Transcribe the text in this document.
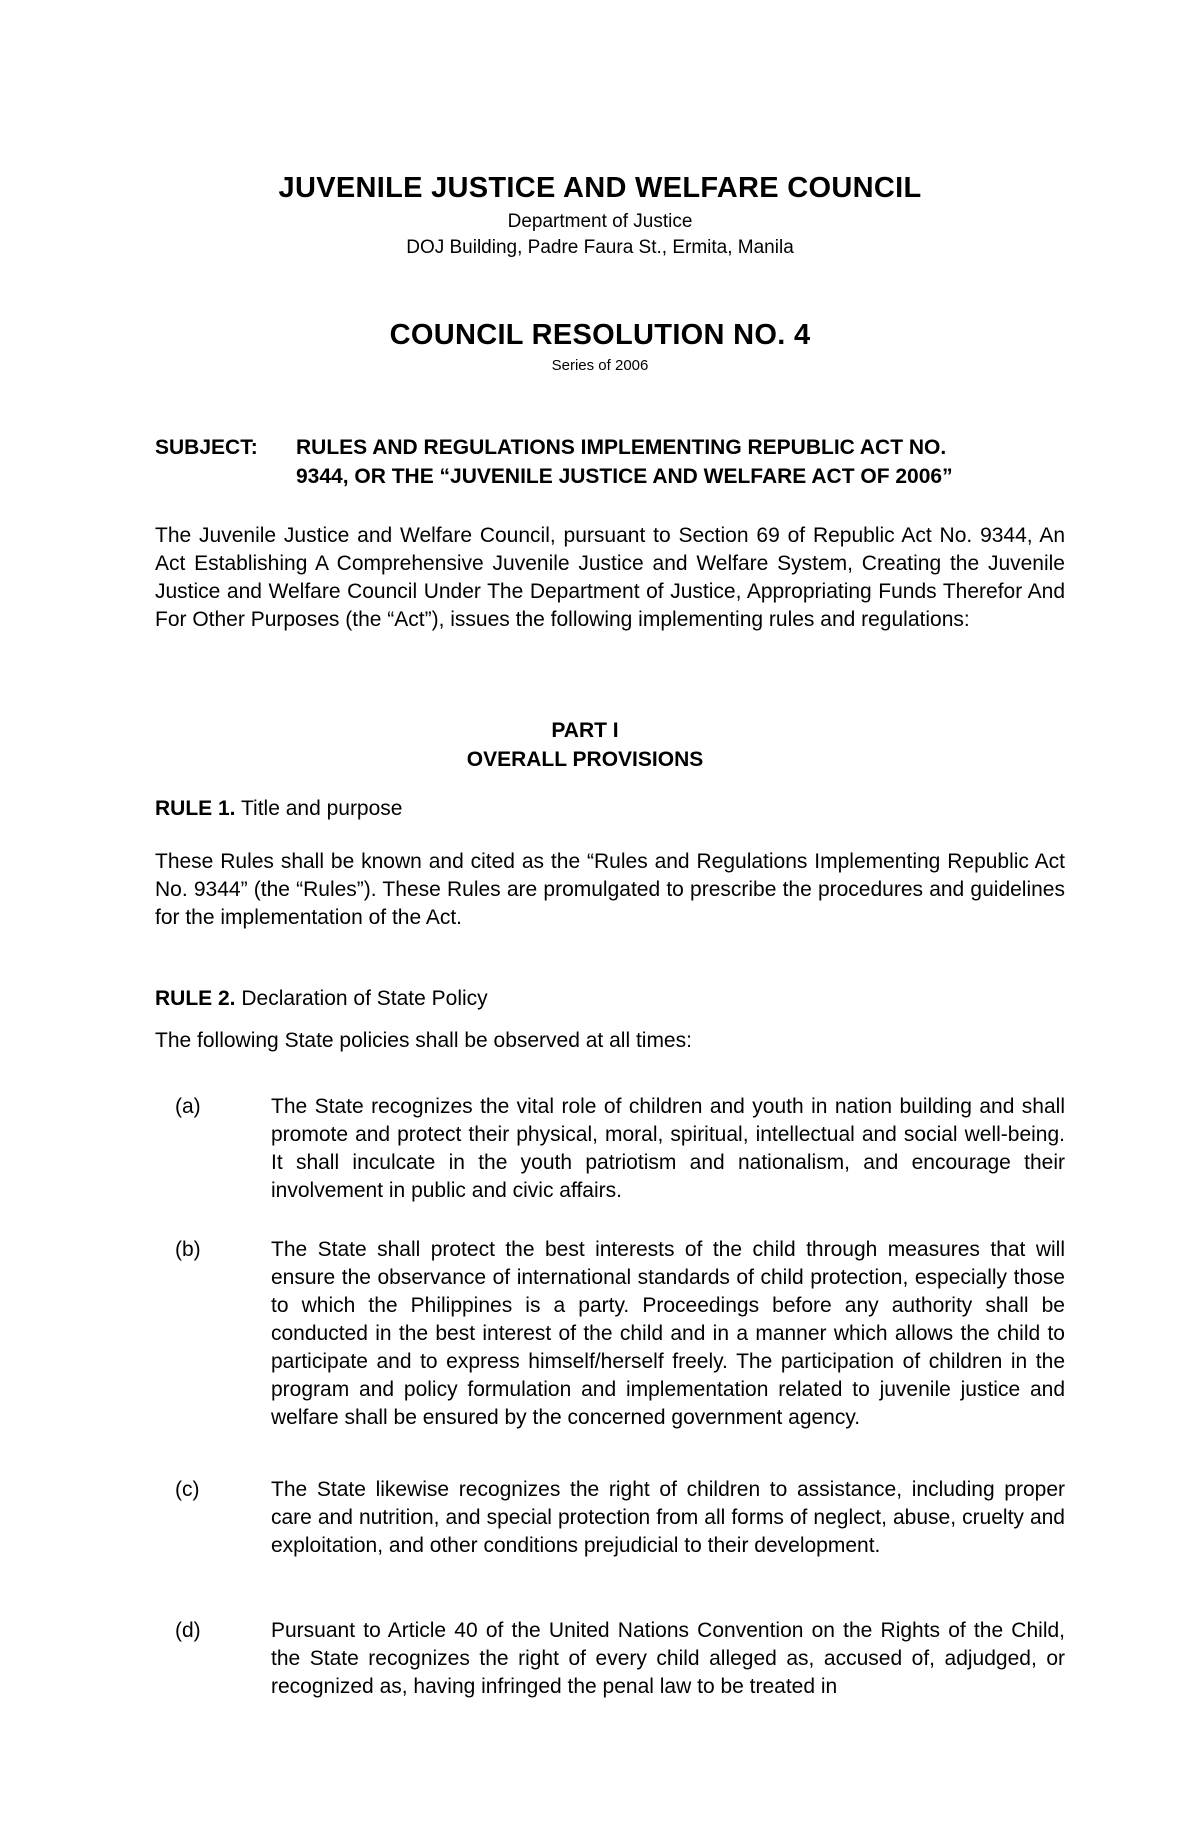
JUVENILE JUSTICE AND WELFARE COUNCIL
Department of Justice
DOJ Building, Padre Faura St., Ermita, Manila
COUNCIL RESOLUTION NO. 4
Series of 2006
SUBJECT: RULES AND REGULATIONS IMPLEMENTING REPUBLIC ACT NO.
9344, OR THE “JUVENILE JUSTICE AND WELFARE ACT OF 2006”
The Juvenile Justice and Welfare Council, pursuant to Section 69 of Republic Act No. 9344, An Act Establishing A Comprehensive Juvenile Justice and Welfare System, Creating the Juvenile Justice and Welfare Council Under The Department of Justice, Appropriating Funds Therefor And For Other Purposes (the “Act”), issues the following implementing rules and regulations:
PART I
OVERALL PROVISIONS
RULE 1. Title and purpose
These Rules shall be known and cited as the “Rules and Regulations Implementing Republic Act No. 9344” (the “Rules”). These Rules are promulgated to prescribe the procedures and guidelines for the implementation of the Act.
RULE 2. Declaration of State Policy
The following State policies shall be observed at all times:
(a)	The State recognizes the vital role of children and youth in nation building and shall promote and protect their physical, moral, spiritual, intellectual and social well-being. It shall inculcate in the youth patriotism and nationalism, and encourage their involvement in public and civic affairs.
(b)	The State shall protect the best interests of the child through measures that will ensure the observance of international standards of child protection, especially those to which the Philippines is a party. Proceedings before any authority shall be conducted in the best interest of the child and in a manner which allows the child to participate and to express himself/herself freely. The participation of children in the program and policy formulation and implementation related to juvenile justice and welfare shall be ensured by the concerned government agency.
(c)	The State likewise recognizes the right of children to assistance, including proper care and nutrition, and special protection from all forms of neglect, abuse, cruelty and exploitation, and other conditions prejudicial to their development.
(d)	Pursuant to Article 40 of the United Nations Convention on the Rights of the Child, the State recognizes the right of every child alleged as, accused of, adjudged, or recognized as, having infringed the penal law to be treated in
